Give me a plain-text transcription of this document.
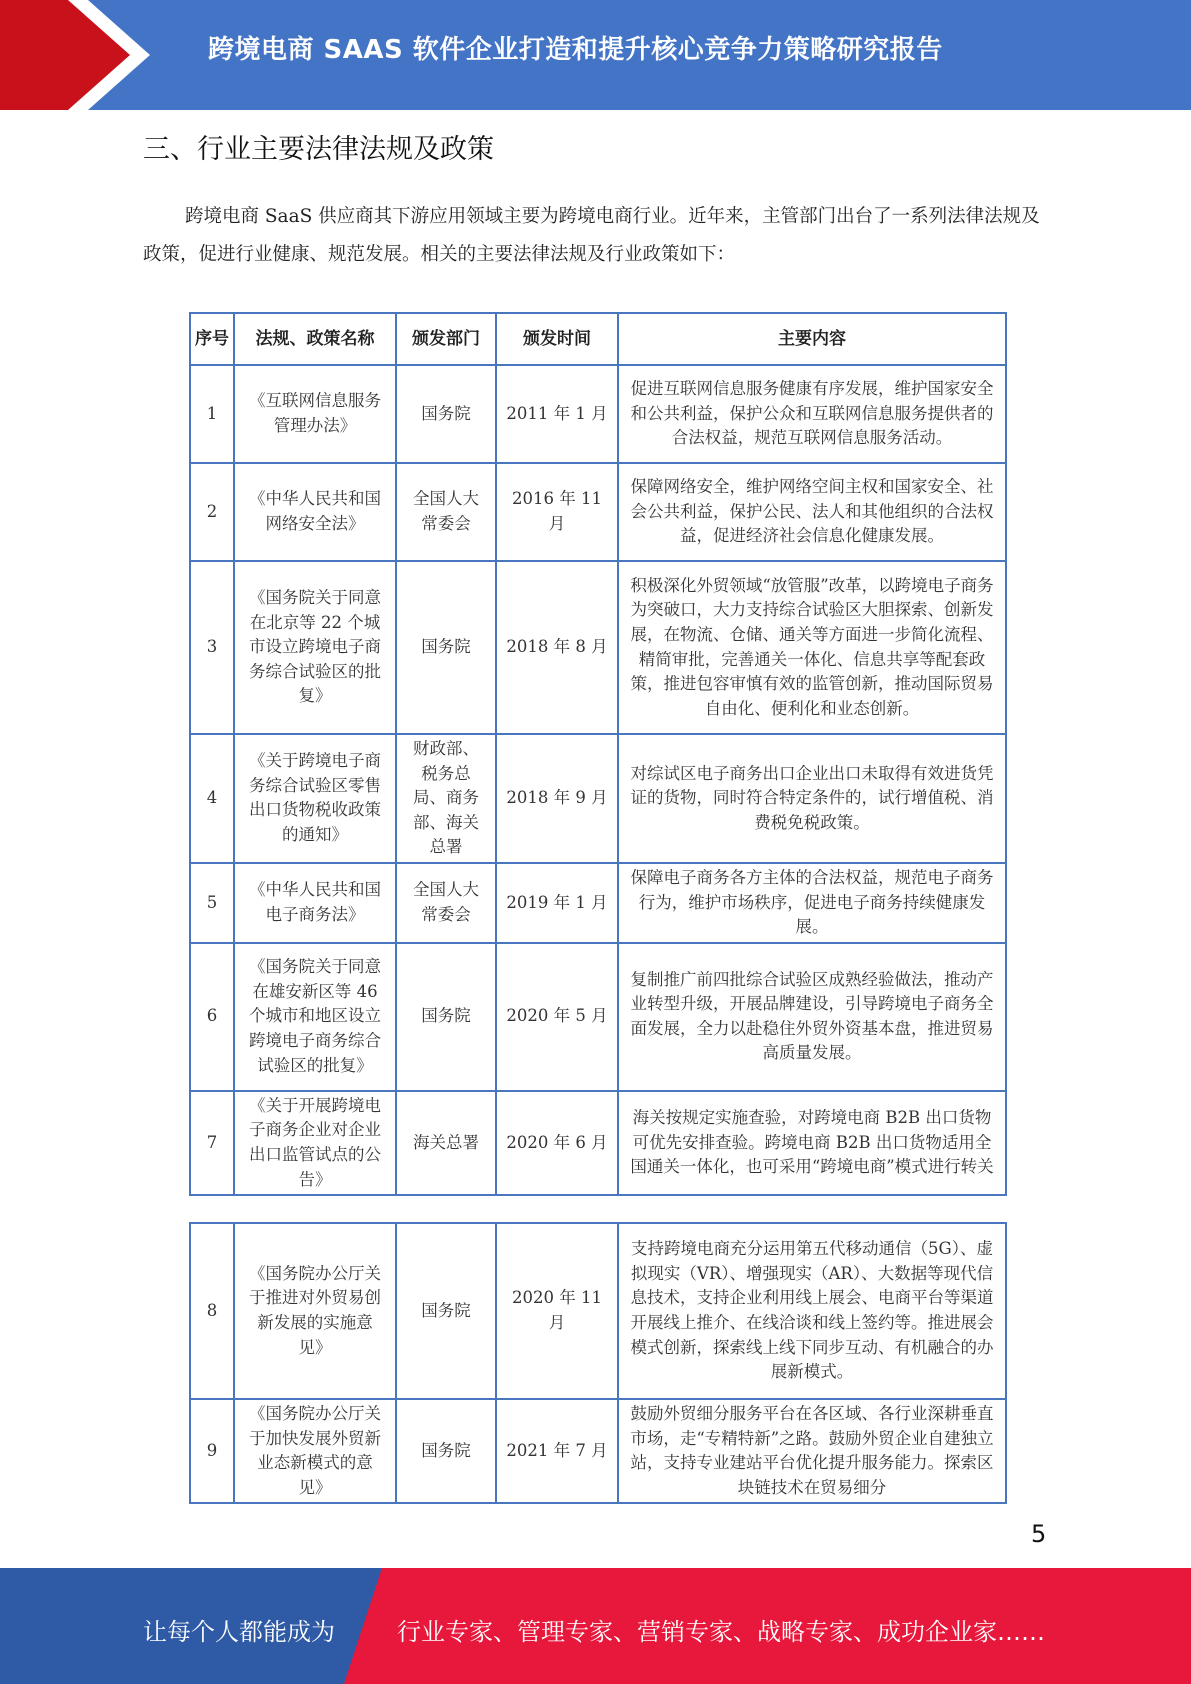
跨境电商 SAAS 软件企业打造和提升核心竞争力策略研究报告
三、行业主要法律法规及政策

跨境电商 SaaS 供应商其下游应用领域主要为跨境电商行业。近年来，主管部门出台了一系列法律法规及政策，促进行业健康、规范发展。相关的主要法律法规及行业政策如下：

序号	法规、政策名称	颁发部门	颁发时间	主要内容
1	《互联网信息服务管理办法》	国务院	2011 年 1 月	促进互联网信息服务健康有序发展，维护国家安全和公共利益，保护公众和互联网信息服务提供者的合法权益，规范互联网信息服务活动。
2	《中华人民共和国网络安全法》	全国人大常委会	2016 年 11 月	保障网络安全，维护网络空间主权和国家安全、社会公共利益，保护公民、法人和其他组织的合法权益，促进经济社会信息化健康发展。
3	《国务院关于同意在北京等 22 个城市设立跨境电子商务综合试验区的批复》	国务院	2018 年 8 月	积极深化外贸领域“放管服”改革，以跨境电子商务为突破口，大力支持综合试验区大胆探索、创新发展，在物流、仓储、通关等方面进一步简化流程、精简审批，完善通关一体化、信息共享等配套政策，推进包容审慎有效的监管创新，推动国际贸易自由化、便利化和业态创新。
4	《关于跨境电子商务综合试验区零售出口货物税收政策的通知》	财政部、税务总局、商务部、海关总署	2018 年 9 月	对综试区电子商务出口企业出口未取得有效进货凭证的货物，同时符合特定条件的，试行增值税、消费税免税政策。
5	《中华人民共和国电子商务法》	全国人大常委会	2019 年 1 月	保障电子商务各方主体的合法权益，规范电子商务行为，维护市场秩序，促进电子商务持续健康发展。
6	《国务院关于同意在雄安新区等 46 个城市和地区设立跨境电子商务综合试验区的批复》	国务院	2020 年 5 月	复制推广前四批综合试验区成熟经验做法，推动产业转型升级，开展品牌建设，引导跨境电子商务全面发展，全力以赴稳住外贸外资基本盘，推进贸易高质量发展。
7	《关于开展跨境电子商务企业对企业出口监管试点的公告》	海关总署	2020 年 6 月	海关按规定实施查验，对跨境电商 B2B 出口货物可优先安排查验。跨境电商 B2B 出口货物适用全国通关一体化，也可采用“跨境电商”模式进行转关
8	《国务院办公厅关于推进对外贸易创新发展的实施意见》	国务院	2020 年 11 月	支持跨境电商充分运用第五代移动通信（5G）、虚拟现实（VR）、增强现实（AR）、大数据等现代信息技术，支持企业利用线上展会、电商平台等渠道开展线上推介、在线洽谈和线上签约等。推进展会模式创新，探索线上线下同步互动、有机融合的办展新模式。
9	《国务院办公厅关于加快发展外贸新业态新模式的意见》	国务院	2021 年 7 月	鼓励外贸细分服务平台在各区域、各行业深耕垂直市场，走“专精特新”之路。鼓励外贸企业自建独立站，支持专业建站平台优化提升服务能力。探索区块链技术在贸易细分
5
让每个人都能成为	行业专家、管理专家、营销专家、战略专家、成功企业家……
